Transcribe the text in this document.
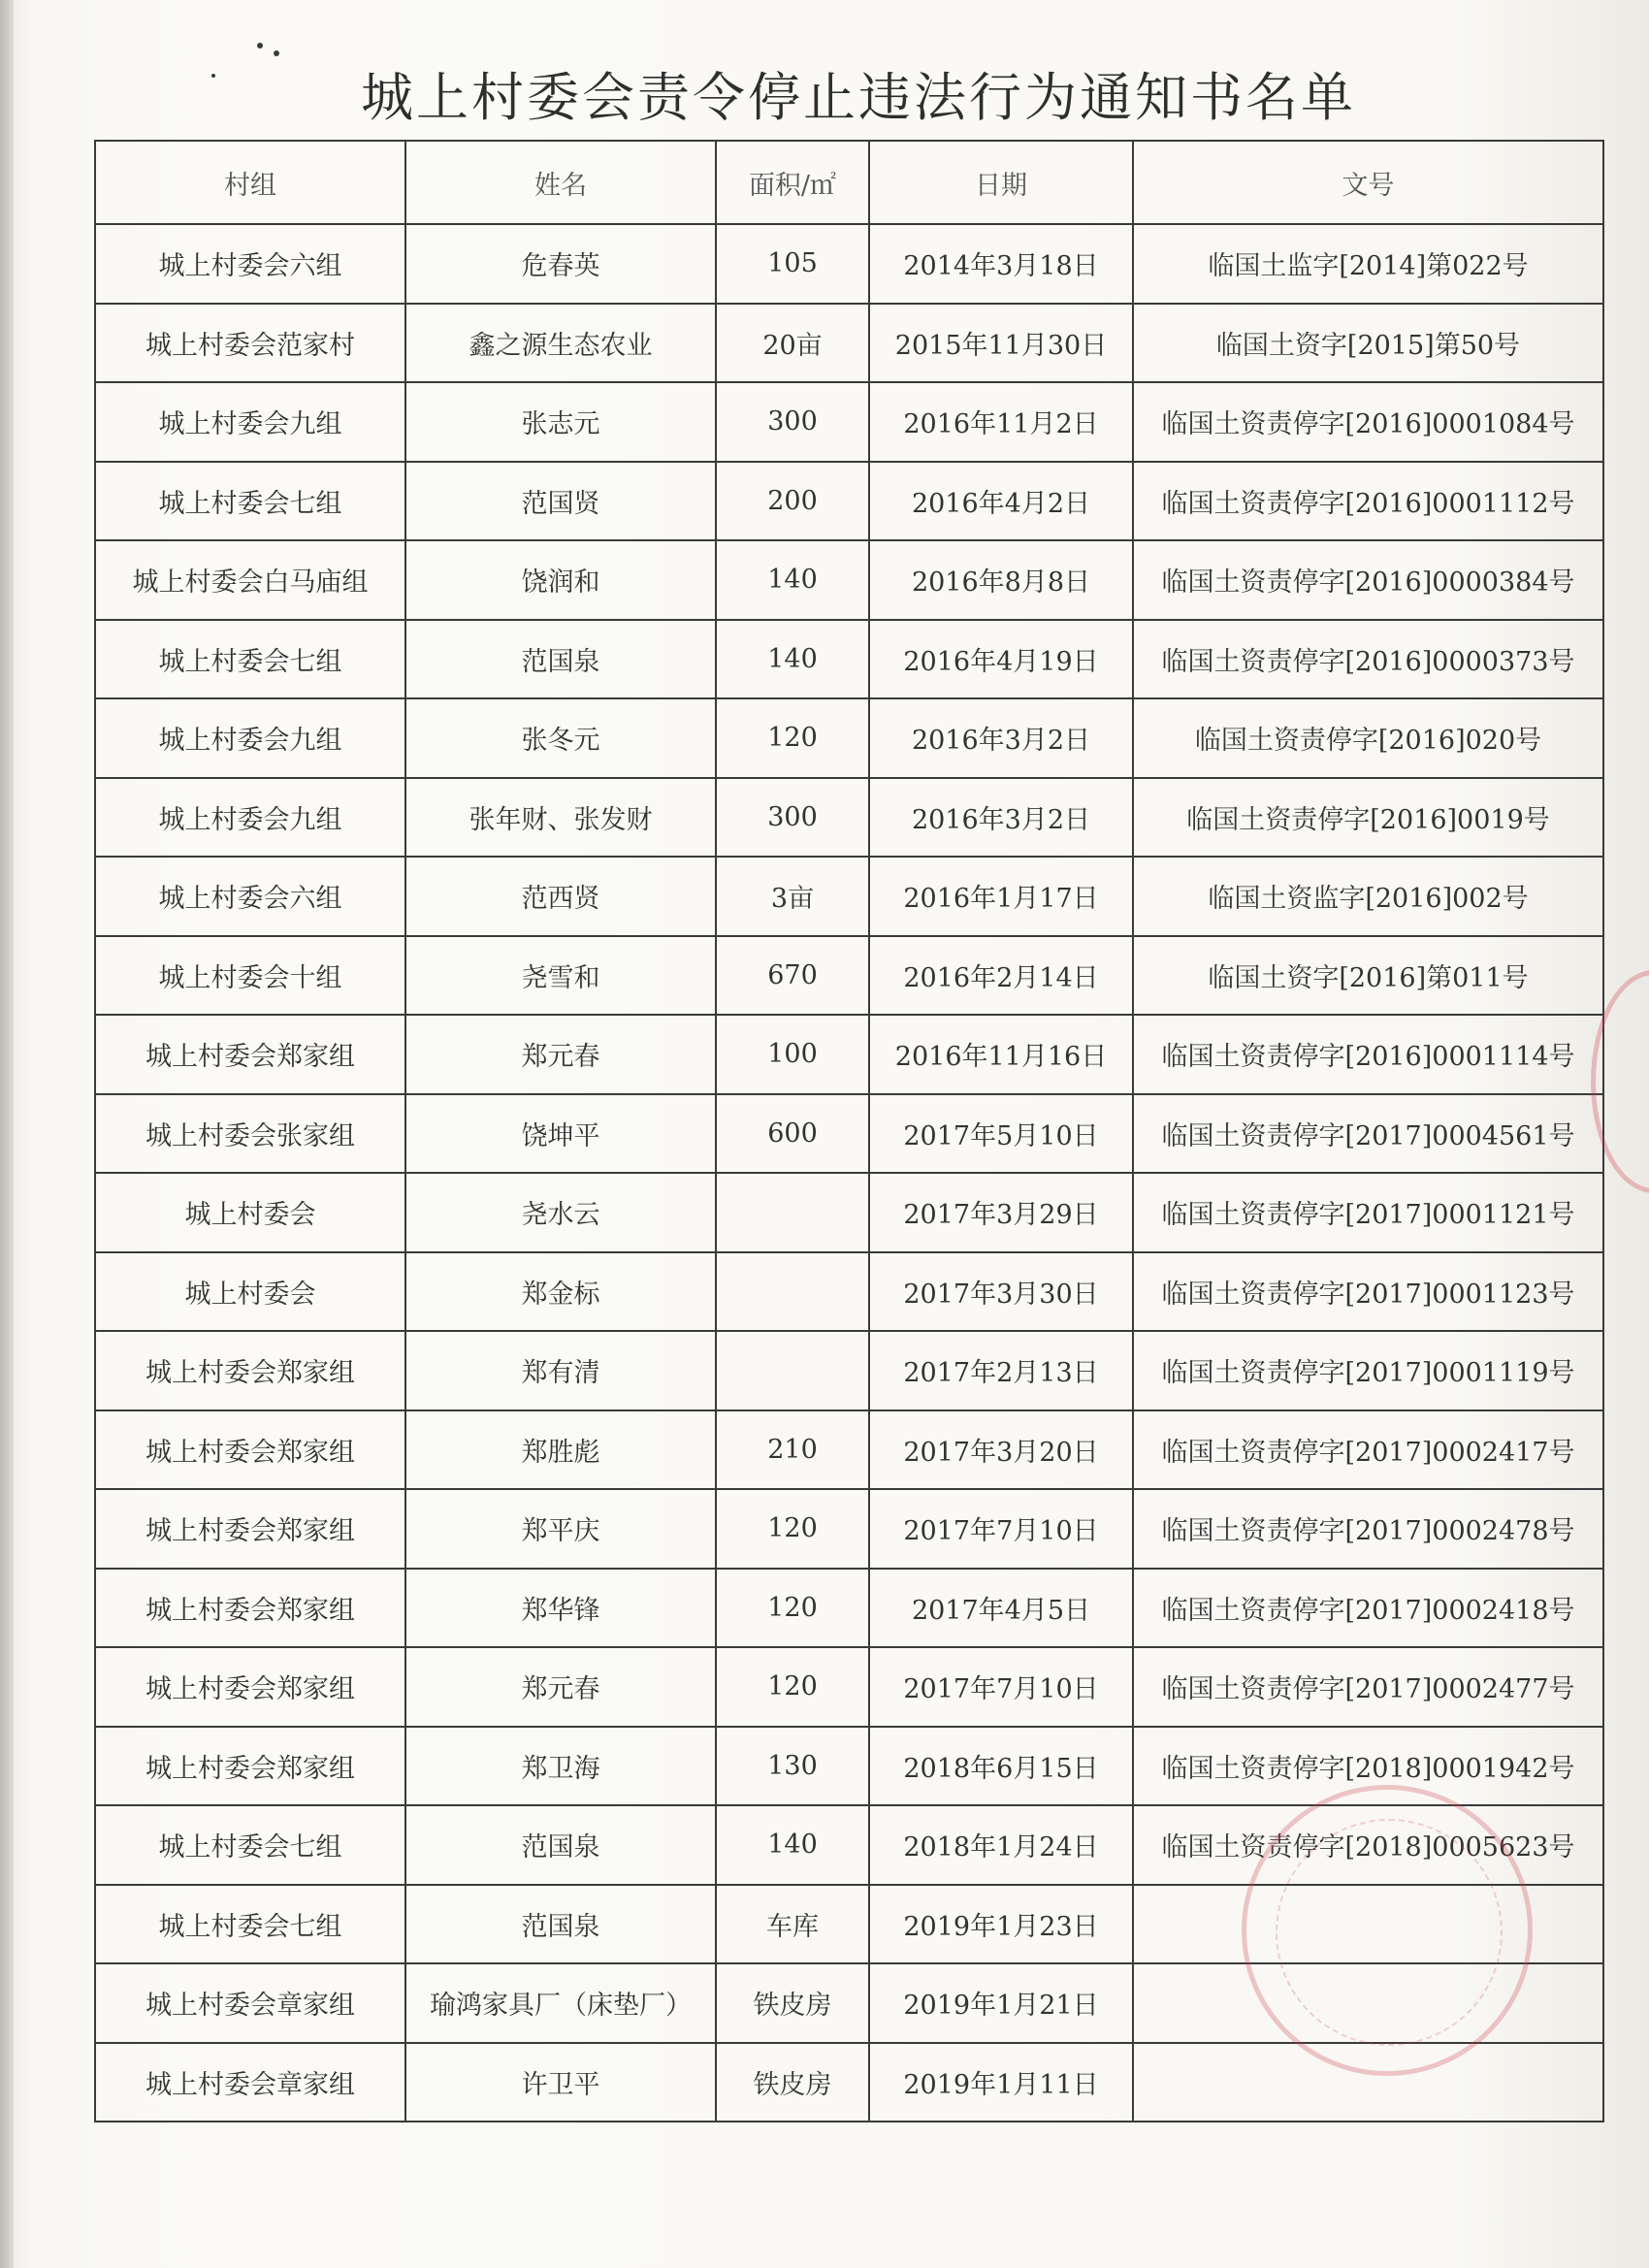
城上村委会责令停止违法行为通知书名单
村组	姓名	面积/㎡	日期	文号
城上村委会六组	危春英	105	2014年3月18日	临国土监字[2014]第022号
城上村委会范家村	鑫之源生态农业	20亩	2015年11月30日	临国土资字[2015]第50号
城上村委会九组	张志元	300	2016年11月2日	临国土资责停字[2016]0001084号
城上村委会七组	范国贤	200	2016年4月2日	临国土资责停字[2016]0001112号
城上村委会白马庙组	饶润和	140	2016年8月8日	临国土资责停字[2016]0000384号
城上村委会七组	范国泉	140	2016年4月19日	临国土资责停字[2016]0000373号
城上村委会九组	张冬元	120	2016年3月2日	临国土资责停字[2016]020号
城上村委会九组	张年财、张发财	300	2016年3月2日	临国土资责停字[2016]0019号
城上村委会六组	范西贤	3亩	2016年1月17日	临国土资监字[2016]002号
城上村委会十组	尧雪和	670	2016年2月14日	临国土资字[2016]第011号
城上村委会郑家组	郑元春	100	2016年11月16日	临国土资责停字[2016]0001114号
城上村委会张家组	饶坤平	600	2017年5月10日	临国土资责停字[2017]0004561号
城上村委会	尧水云		2017年3月29日	临国土资责停字[2017]0001121号
城上村委会	郑金标		2017年3月30日	临国土资责停字[2017]0001123号
城上村委会郑家组	郑有清		2017年2月13日	临国土资责停字[2017]0001119号
城上村委会郑家组	郑胜彪	210	2017年3月20日	临国土资责停字[2017]0002417号
城上村委会郑家组	郑平庆	120	2017年7月10日	临国土资责停字[2017]0002478号
城上村委会郑家组	郑华锋	120	2017年4月5日	临国土资责停字[2017]0002418号
城上村委会郑家组	郑元春	120	2017年7月10日	临国土资责停字[2017]0002477号
城上村委会郑家组	郑卫海	130	2018年6月15日	临国土资责停字[2018]0001942号
城上村委会七组	范国泉	140	2018年1月24日	临国土资责停字[2018]0005623号
城上村委会七组	范国泉	车库	2019年1月23日	
城上村委会章家组	瑜鸿家具厂（床垫厂）	铁皮房	2019年1月21日	
城上村委会章家组	许卫平	铁皮房	2019年1月11日	
